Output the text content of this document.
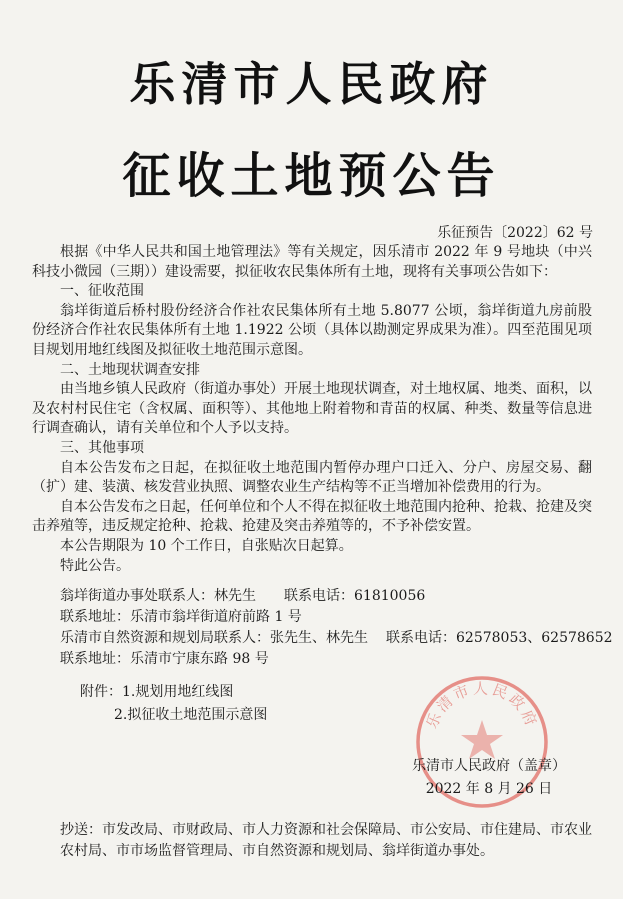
乐清市人民政府
征收土地预公告
乐征预告〔2022〕62 号

根据《中华人民共和国土地管理法》等有关规定，因乐清市 2022 年 9 号地块（中兴科技小微园（三期））建设需要，拟征收农民集体所有土地，现将有关事项公告如下：

一、征收范围

翁垟街道后桥村股份经济合作社农民集体所有土地 5.8077 公顷，翁垟街道九房前股份经济合作社农民集体所有土地 1.1922 公顷（具体以勘测定界成果为准）。四至范围见项目规划用地红线图及拟征收土地范围示意图。

二、土地现状调查安排

由当地乡镇人民政府（街道办事处）开展土地现状调查，对土地权属、地类、面积，以及农村村民住宅（含权属、面积等）、其他地上附着物和青苗的权属、种类、数量等信息进行调查确认，请有关单位和个人予以支持。

三、其他事项

自本公告发布之日起，在拟征收土地范围内暂停办理户口迁入、分户、房屋交易、翻（扩）建、装潢、核发营业执照、调整农业生产结构等不正当增加补偿费用的行为。

自本公告发布之日起，任何单位和个人不得在拟征收土地范围内抢种、抢栽、抢建及突击养殖等，违反规定抢种、抢栽、抢建及突击养殖等的，不予补偿安置。

本公告期限为 10 个工作日，自张贴次日起算。

特此公告。

翁垟街道办事处联系人：林先生 联系电话：61810056
联系地址：乐清市翁垟街道府前路 1 号
乐清市自然资源和规划局联系人：张先生、林先生 联系电话：62578053、62578652
联系地址：乐清市宁康东路 98 号
附件：1.规划用地红线图
2.拟征收土地范围示意图	乐清市人民政府
乐清市人民政府（盖章）
2022 年 8 月 26 日
抄送：市发改局、市财政局、市人力资源和社会保障局、市公安局、市住建局、市农业农村局、市市场监督管理局、市自然资源和规划局、翁垟街道办事处。
